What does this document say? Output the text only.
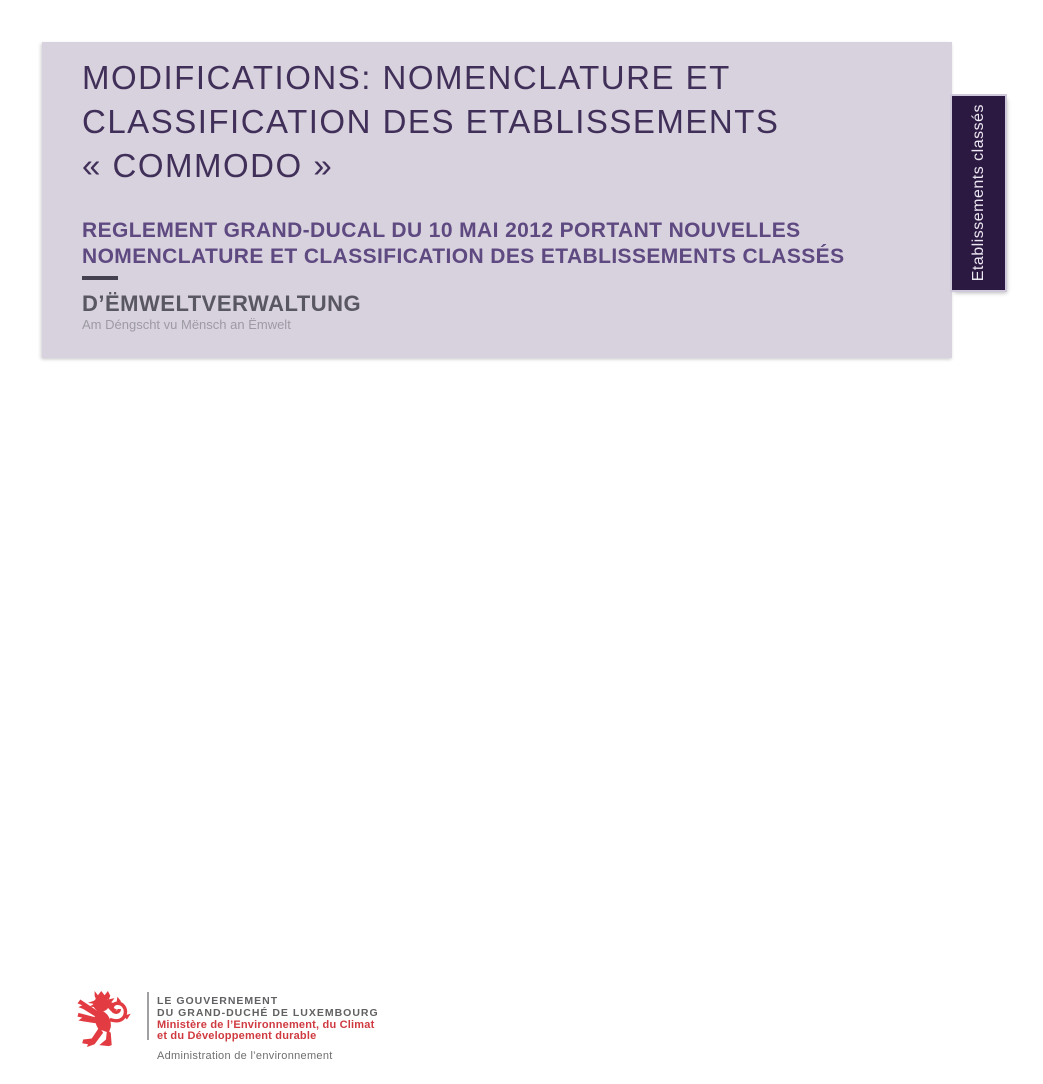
MODIFICATIONS: NOMENCLATURE ET
CLASSIFICATION DES ETABLISSEMENTS
« COMMODO »
REGLEMENT GRAND-DUCAL DU 10 MAI 2012 PORTANT NOUVELLES
NOMENCLATURE ET CLASSIFICATION DES ETABLISSEMENTS CLASSÉS
D’ËMWELTVERWALTUNG
Am Déngscht vu Mënsch an Ëmwelt
Etablissements classés
LE GOUVERNEMENT
DU GRAND-DUCHÉ DE LUXEMBOURG
Ministère de l’Environnement, du Climat
et du Développement durable
Administration de l’environnement
